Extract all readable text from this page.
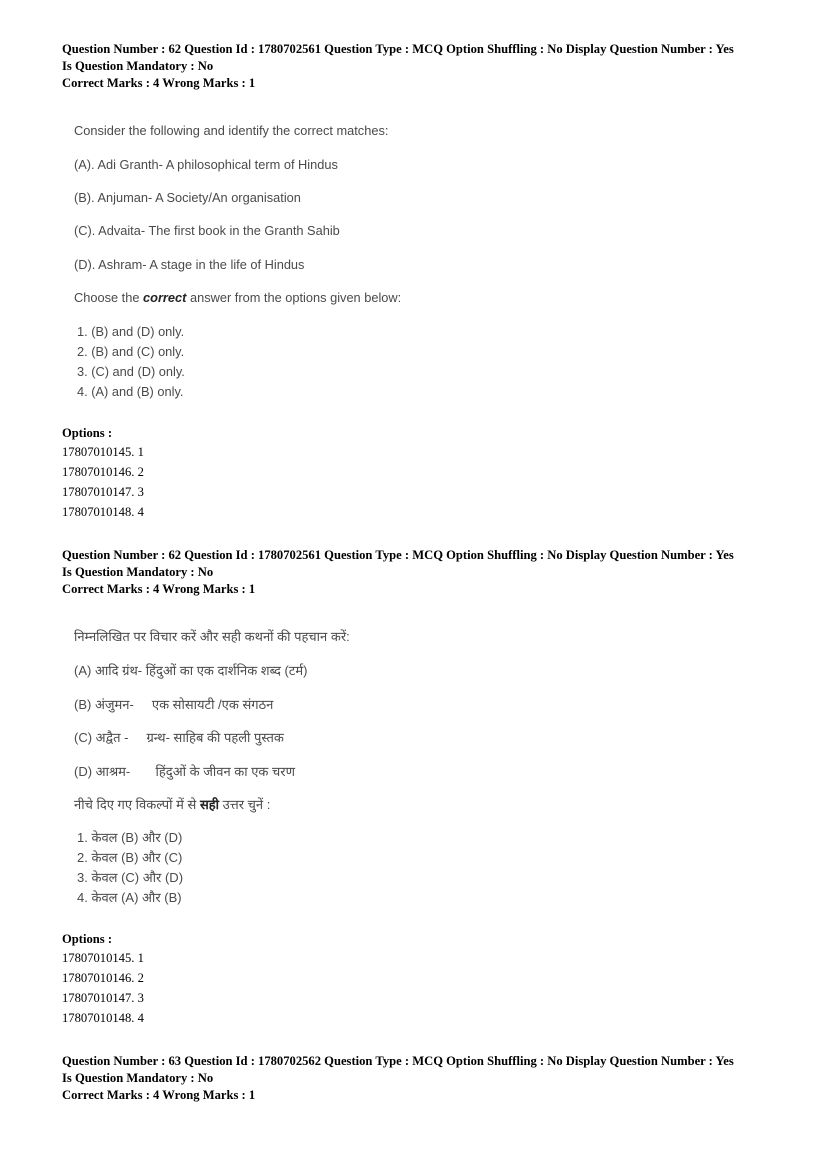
Question Number : 62 Question Id : 1780702561 Question Type : MCQ Option Shuffling : No Display Question Number : Yes
Is Question Mandatory : No
Correct Marks : 4 Wrong Marks : 1
Consider the following and identify the correct matches:
(A). Adi Granth- A philosophical term of Hindus
(B). Anjuman- A Society/An organisation
(C). Advaita- The first book in the Granth Sahib
(D). Ashram- A stage in the life of Hindus
Choose the correct answer from the options given below:
1. (B) and (D) only.
2. (B) and (C) only.
3. (C) and (D) only.
4. (A) and (B) only.
Options :
17807010145. 1
17807010146. 2
17807010147. 3
17807010148. 4
Question Number : 62 Question Id : 1780702561 Question Type : MCQ Option Shuffling : No Display Question Number : Yes
Is Question Mandatory : No
Correct Marks : 4 Wrong Marks : 1
निम्नलिखित पर विचार करें और सही कथनों की पहचान करें:
(A) आदि ग्रंथ- हिंदुओं का एक दार्शनिक शब्द (टर्म)
(B) अंजुमन-     एक सोसायटी /एक संगठन
(C) अद्वैत -     ग्रन्थ- साहिब की पहली पुस्तक
(D) आश्रम-       हिंदुओं के जीवन का एक चरण
नीचे दिए गए विकल्पों में से सही उत्तर चुनें :
1. केवल (B) और (D)
2. केवल (B) और (C)
3. केवल (C) और (D)
4. केवल (A) और (B)
Options :
17807010145. 1
17807010146. 2
17807010147. 3
17807010148. 4
Question Number : 63 Question Id : 1780702562 Question Type : MCQ Option Shuffling : No Display Question Number : Yes
Is Question Mandatory : No
Correct Marks : 4 Wrong Marks : 1
